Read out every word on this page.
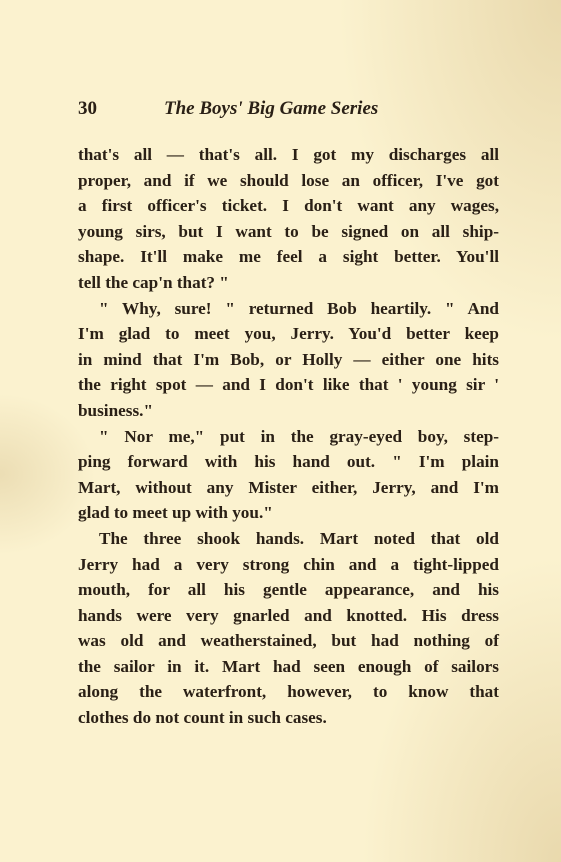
30	The Boys' Big Game Series
that's all — that's all. I got my discharges all
proper, and if we should lose an officer, I've got
a first officer's ticket. I don't want any wages,
young sirs, but I want to be signed on all ship-
shape. It'll make me feel a sight better. You'll
tell the cap'n that? "
" Why, sure! " returned Bob heartily. " And
I'm glad to meet you, Jerry. You'd better keep
in mind that I'm Bob, or Holly — either one hits
the right spot — and I don't like that ' young sir '
business."
" Nor me," put in the gray-eyed boy, step-
ping forward with his hand out. " I'm plain
Mart, without any Mister either, Jerry, and I'm
glad to meet up with you."
The three shook hands. Mart noted that old
Jerry had a very strong chin and a tight-lipped
mouth, for all his gentle appearance, and his
hands were very gnarled and knotted. His dress
was old and weatherstained, but had nothing of
the sailor in it. Mart had seen enough of sailors
along the waterfront, however, to know that
clothes do not count in such cases.
